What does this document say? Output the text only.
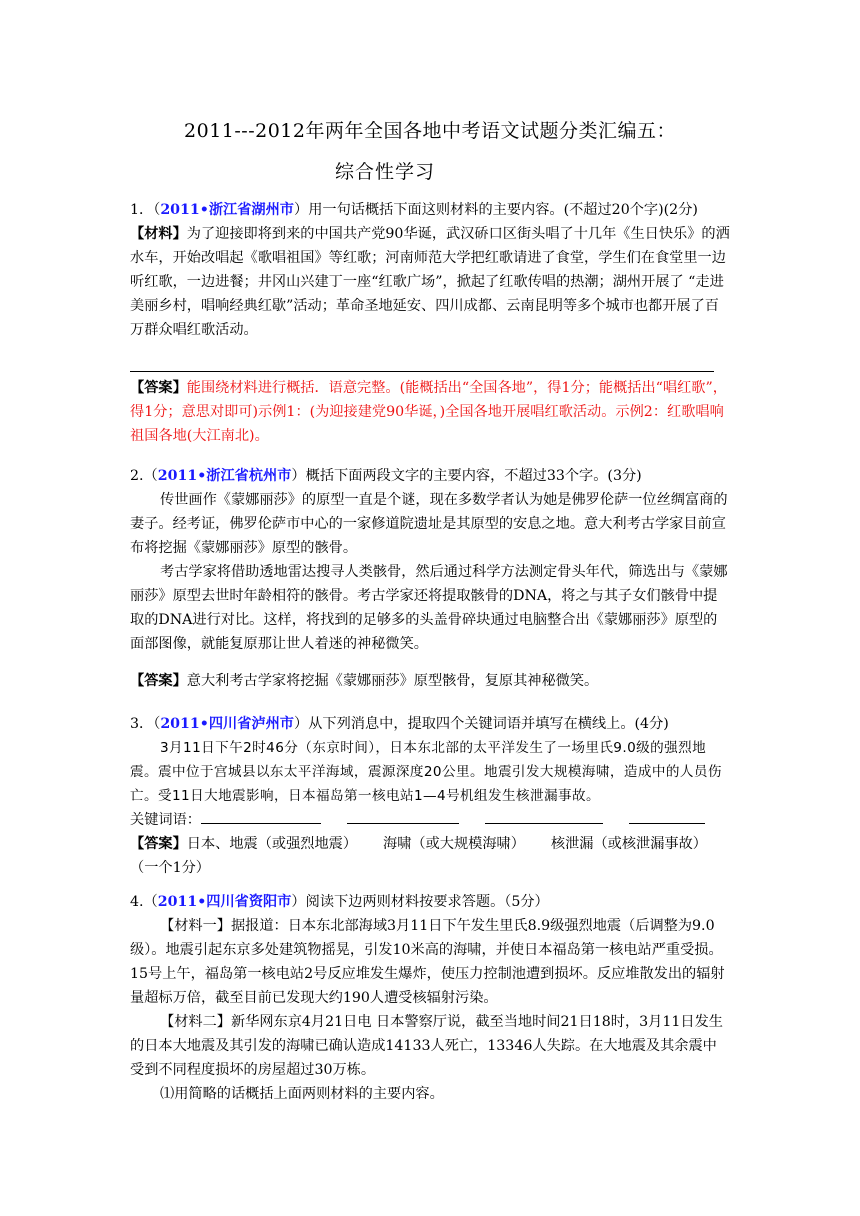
2011---2012年两年全国各地中考语文试题分类汇编五：
综合性学习

1．（2011•浙江省湖州市）用一句话概括下面这则材料的主要内容。(不超过20个字)(2分)

【材料】为了迎接即将到来的中国共产党90华诞，武汉硚口区街头唱了十几年《生日快乐》的洒水车，开始改唱起《歌唱祖国》等红歌；河南师范大学把红歌请进了食堂，学生们在食堂里一边听红歌，一边进餐；井冈山兴建丁一座“红歌广场”，掀起了红歌传唱的热潮；湖州开展了 “走进美丽乡村，唱响经典红歇”活动；革命圣地延安、四川成都、云南昆明等多个城市也都开展了百万群众唱红歌活动。

【答案】能围绕材料进行概括．语意完整。(能概括出“全国各地”，得1分；能概括出“唱红歌”，得1分；意思对即可)示例1：(为迎接建党90华诞，)全国各地开展唱红歌活动。示例2：红歌唱响祖国各地(大江南北)。

2.（2011•浙江省杭州市）概括下面两段文字的主要内容，不超过33个字。(3分)

传世画作《蒙娜丽莎》的原型一直是个谜，现在多数学者认为她是佛罗伦萨一位丝绸富商的妻子。经考证，佛罗伦萨市中心的一家修道院遗址是其原型的安息之地。意大利考古学家目前宣布将挖掘《蒙娜丽莎》原型的骸骨。

考古学家将借助透地雷达搜寻人类骸骨，然后通过科学方法测定骨头年代，筛选出与《蒙娜丽莎》原型去世时年龄相符的骸骨。考古学家还将提取骸骨的DNA，将之与其子女们骸骨中提取的DNA进行对比。这样，将找到的足够多的头盖骨碎块通过电脑整合出《蒙娜丽莎》原型的面部图像，就能复原那让世人着迷的神秘微笑。

【答案】意大利考古学家将挖掘《蒙娜丽莎》原型骸骨，复原其神秘微笑。

3．（2011•四川省泸州市）从下列消息中，提取四个关键词语并填写在横线上。(4分)

3月11日下午2时46分（东京时间），日本东北部的太平洋发生了一场里氏9.0级的强烈地震。震中位于宫城县以东太平洋海域，震源深度20公里。地震引发大规模海啸，造成中的人员伤亡。受11日大地震影响，日本福岛第一核电站1—4号机组发生核泄漏事故。

关键词语：

【答案】日本、地震（或强烈地震） 海啸（或大规模海啸） 核泄漏（或核泄漏事故）

（一个1分）

4.（2011•四川省资阳市）阅读下边两则材料按要求答题。（5分）

【材料一】据报道：日本东北部海域3月11日下午发生里氏8.9级强烈地震（后调整为9.0级）。地震引起东京多处建筑物摇晃，引发10米高的海啸，并使日本福岛第一核电站严重受损。15号上午，福岛第一核电站2号反应堆发生爆炸，使压力控制池遭到损坏。反应堆散发出的辐射量超标万倍，截至目前已发现大约190人遭受核辐射污染。

【材料二】新华网东京4月21日电 日本警察厅说，截至当地时间21日18时，3月11日发生的日本大地震及其引发的海啸已确认造成14133人死亡，13346人失踪。在大地震及其余震中受到不同程度损坏的房屋超过30万栋。

⑴用简略的话概括上面两则材料的主要内容。
